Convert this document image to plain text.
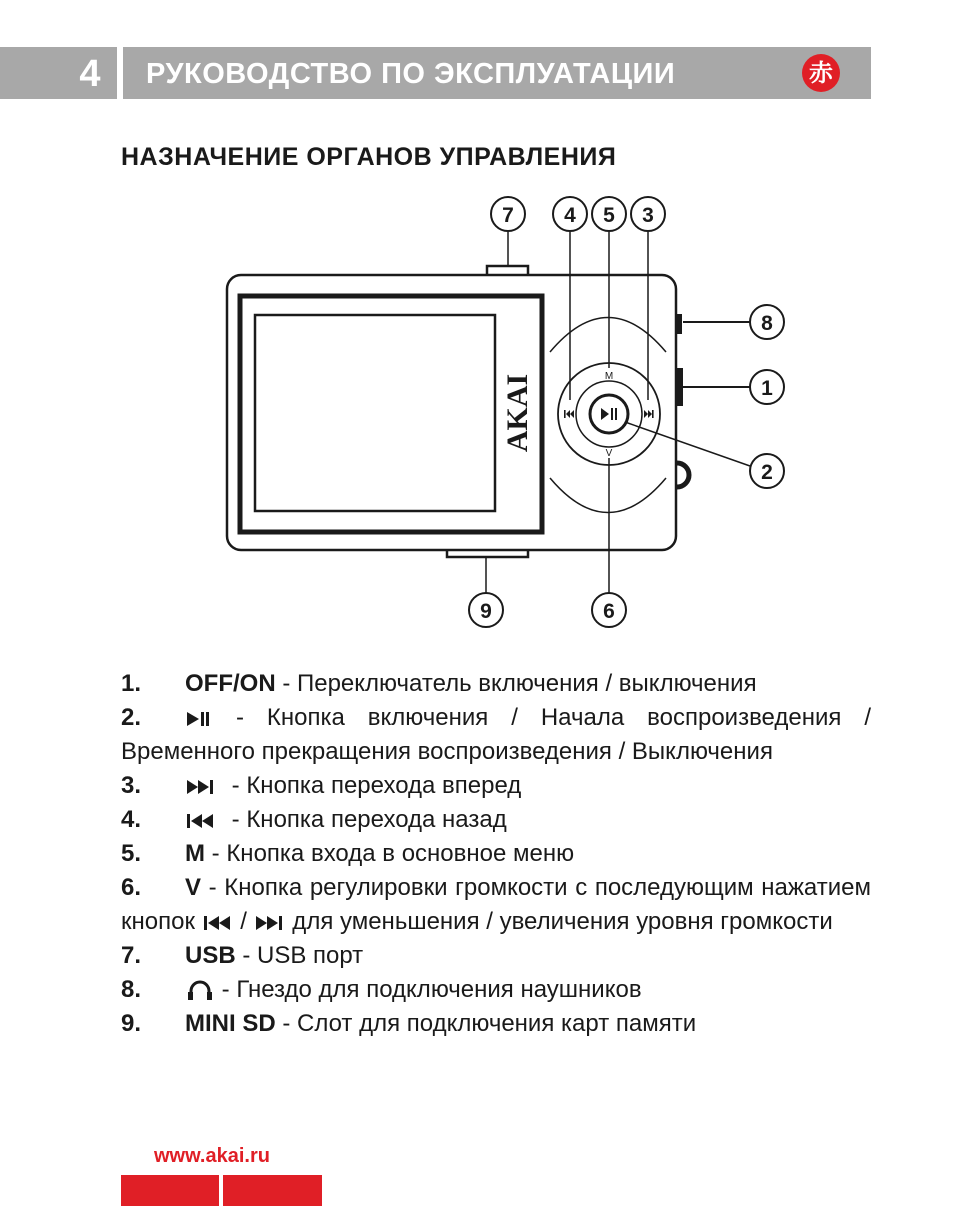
4	РУКОВОДСТВО ПО ЭКСПЛУАТАЦИИ	赤
НАЗНАЧЕНИЕ ОРГАНОВ УПРАВЛЕНИЯ
AKAI	M
V
7 4 5 3
8
1
2
9	6

1. OFF/ON - Переключатель включения / выключения

2.	- Кнопка включения / Начала воспроизведения / Временного прекращения воспроизведения / Выключения

3.	- Кнопка перехода вперед

4.	- Кнопка перехода назад

5. M - Кнопка входа в основное меню

6. V - Кнопка регулировки громкости с последующим нажатием кнопок  /  для уменьшения / увеличения уровня громкости

7. USB - USB порт

8.	- Гнездо для подключения наушников

9. MINI SD - Слот для подключения карт памяти

www.akai.ru
